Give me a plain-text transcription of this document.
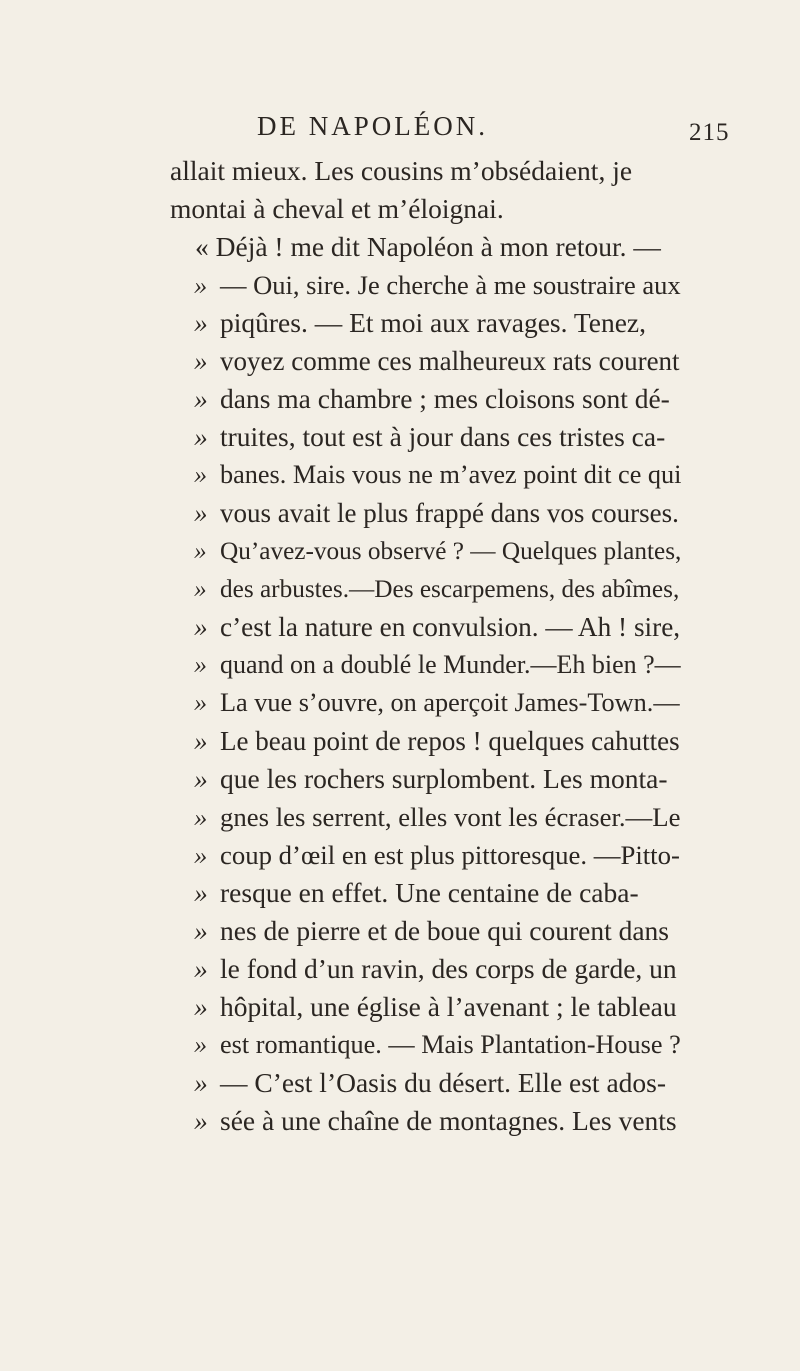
DE NAPOLÉON.	215
allait mieux. Les cousins m’obsédaient, je
montai à cheval et m’éloignai.
« Déjà ! me dit Napoléon à mon retour. —
» — Oui, sire. Je cherche à me soustraire aux
» piqûres. — Et moi aux ravages. Tenez,
» voyez comme ces malheureux rats courent
» dans ma chambre ; mes cloisons sont dé-
» truites, tout est à jour dans ces tristes ca-
» banes. Mais vous ne m’avez point dit ce qui
» vous avait le plus frappé dans vos courses.
» Qu’avez-vous observé ? — Quelques plantes,
» des arbustes.—Des escarpemens, des abîmes,
» c’est la nature en convulsion. — Ah ! sire,
» quand on a doublé le Munder.—Eh bien ?—
» La vue s’ouvre, on aperçoit James-Town.—
» Le beau point de repos ! quelques cahuttes
» que les rochers surplombent. Les monta-
» gnes les serrent, elles vont les écraser.—Le
» coup d’œil en est plus pittoresque. —Pitto-
» resque en effet. Une centaine de caba-
» nes de pierre et de boue qui courent dans
» le fond d’un ravin, des corps de garde, un
» hôpital, une église à l’avenant ; le tableau
» est romantique. — Mais Plantation-House ?
» — C’est l’Oasis du désert. Elle est ados-
» sée à une chaîne de montagnes. Les vents
